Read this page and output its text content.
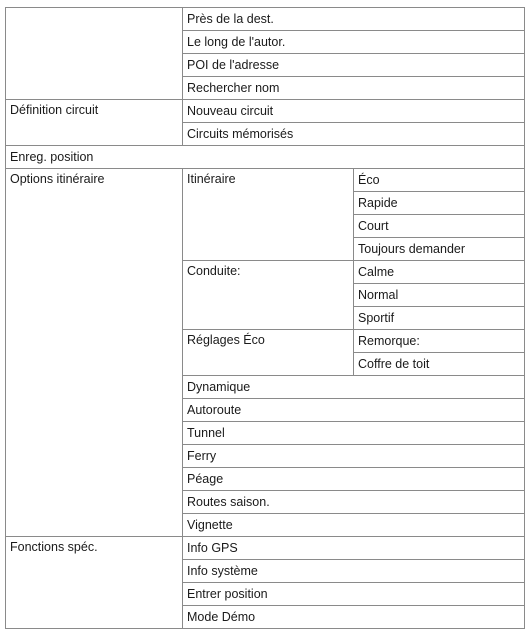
	Près de la dest.	
	Le long de l'autor.	
	POI de l'adresse	
	Rechercher nom	
Définition circuit	Nouveau circuit	
	Circuits mémorisés	
Enreg. position		
Options itinéraire	Itinéraire	Éco
		Rapide
		Court
		Toujours demander
	Conduite:	Calme
		Normal
		Sportif
	Réglages Éco	Remorque:
		Coffre de toit
	Dynamique	
	Autoroute	
	Tunnel	
	Ferry	
	Péage	
	Routes saison.	
	Vignette	
Fonctions spéc.	Info GPS	
	Info système	
	Entrer position	
	Mode Démo	
